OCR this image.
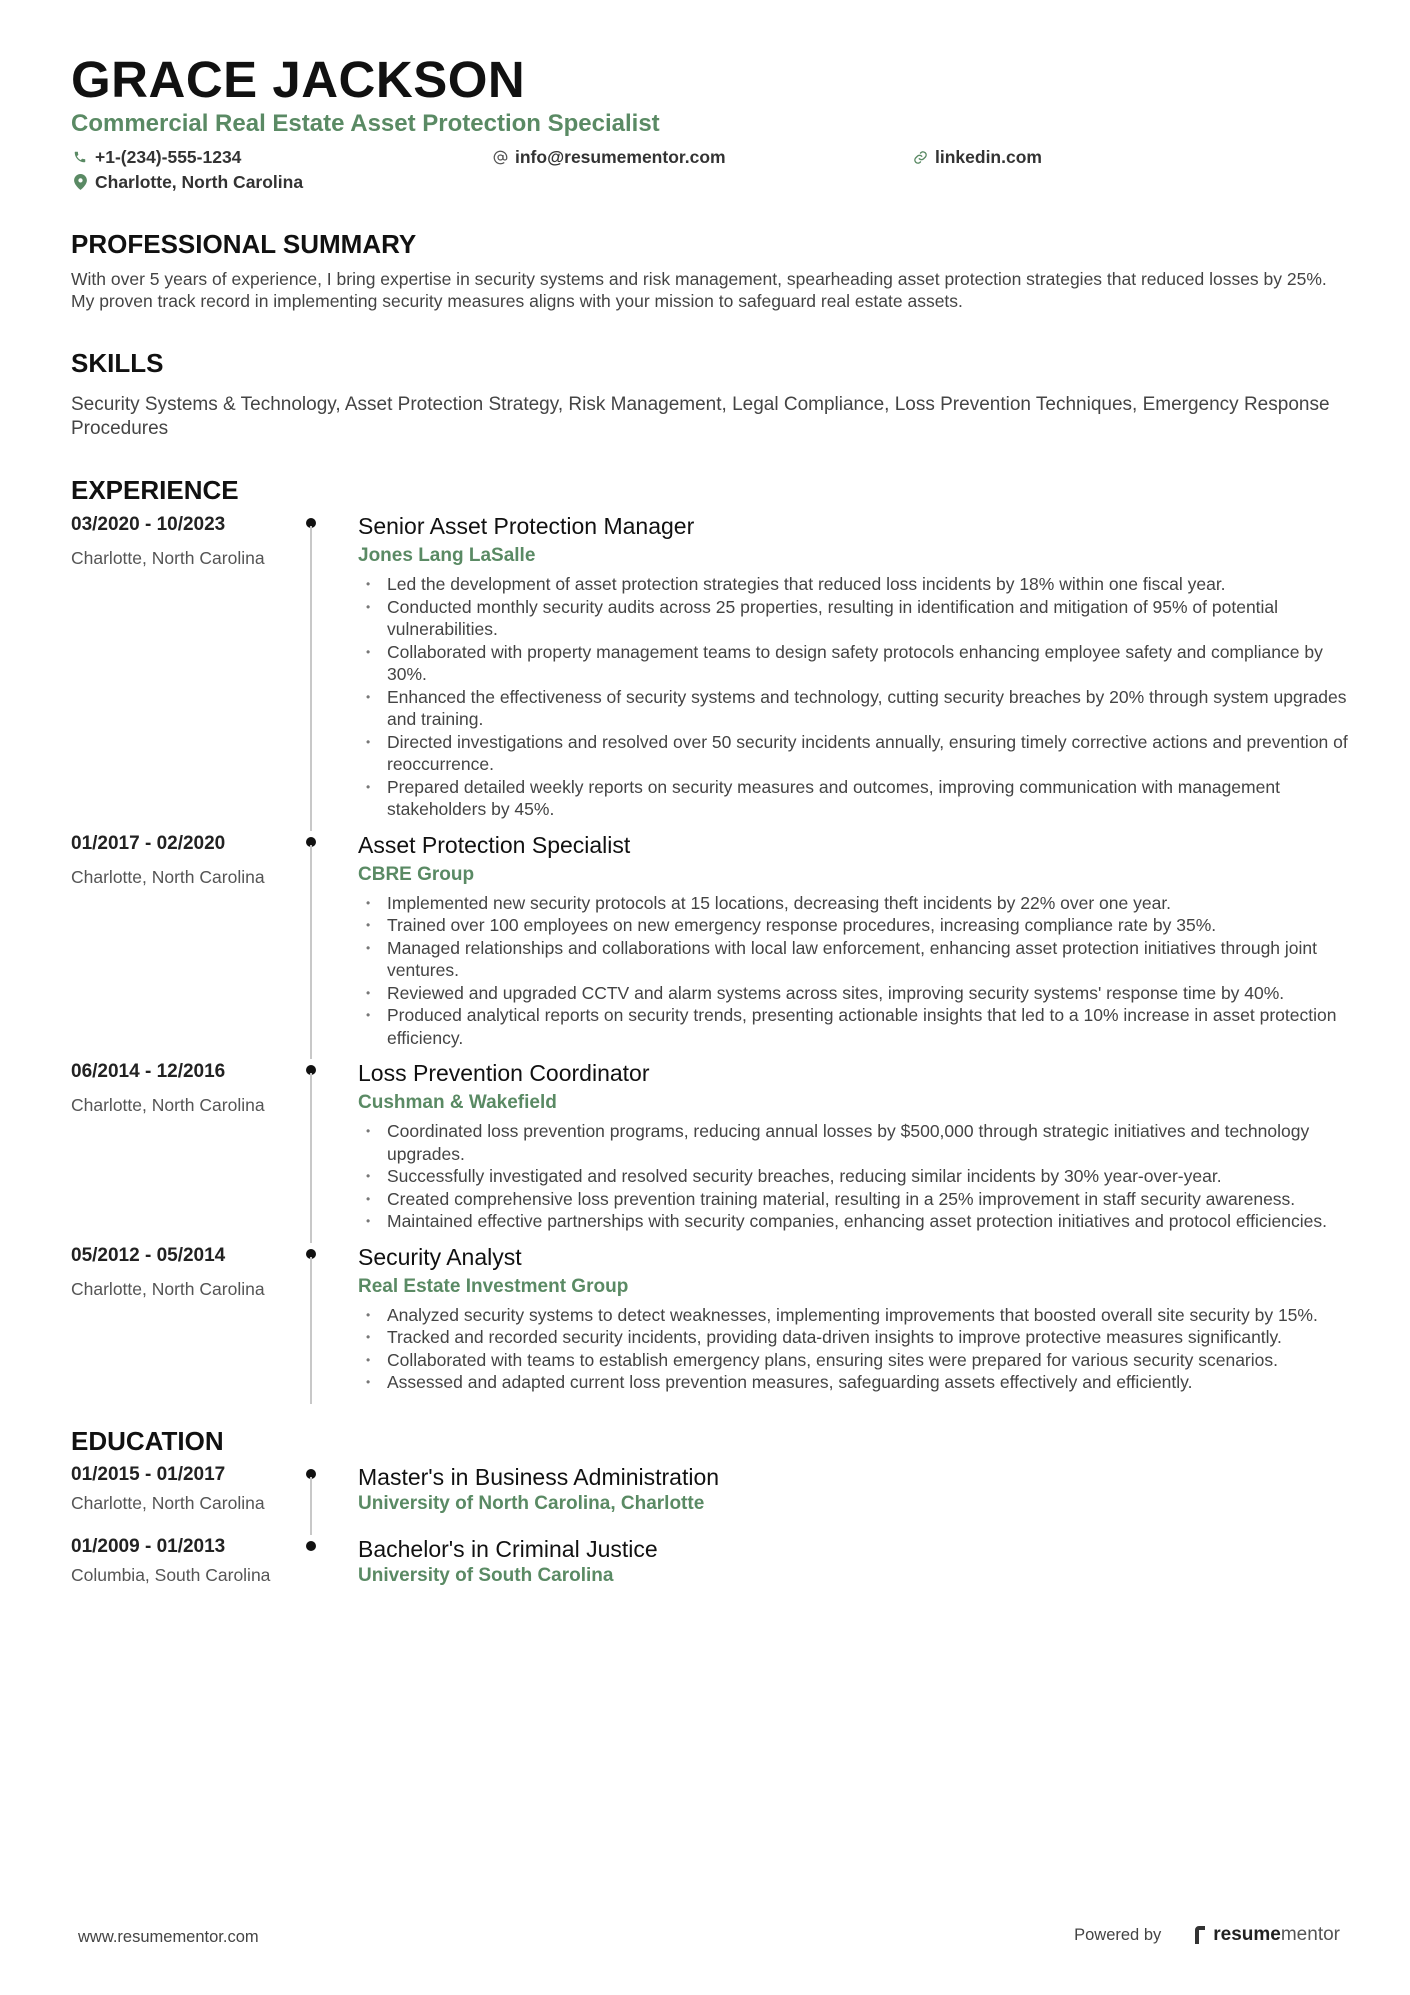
GRACE JACKSON
Commercial Real Estate Asset Protection Specialist
+1-(234)-555-1234	info@resumementor.com	linkedin.com
Charlotte, North Carolina
PROFESSIONAL SUMMARY

With over 5 years of experience, I bring expertise in security systems and risk management, spearheading asset protection strategies that reduced losses by 25%. My proven track record in implementing security measures aligns with your mission to safeguard real estate assets.

SKILLS

Security Systems & Technology, Asset Protection Strategy, Risk Management, Legal Compliance, Loss Prevention Techniques, Emergency Response Procedures

EXPERIENCE
03/2020 - 10/2023
Charlotte, North Carolina
Senior Asset Protection Manager
Jones Lang LaSalle
• Led the development of asset protection strategies that reduced loss incidents by 18% within one fiscal year.
• Conducted monthly security audits across 25 properties, resulting in identification and mitigation of 95% of potential vulnerabilities.
• Collaborated with property management teams to design safety protocols enhancing employee safety and compliance by 30%.
• Enhanced the effectiveness of security systems and technology, cutting security breaches by 20% through system upgrades and training.
• Directed investigations and resolved over 50 security incidents annually, ensuring timely corrective actions and prevention of reoccurrence.
• Prepared detailed weekly reports on security measures and outcomes, improving communication with management stakeholders by 45%.
01/2017 - 02/2020
Charlotte, North Carolina
Asset Protection Specialist
CBRE Group
• Implemented new security protocols at 15 locations, decreasing theft incidents by 22% over one year.
• Trained over 100 employees on new emergency response procedures, increasing compliance rate by 35%.
• Managed relationships and collaborations with local law enforcement, enhancing asset protection initiatives through joint ventures.
• Reviewed and upgraded CCTV and alarm systems across sites, improving security systems' response time by 40%.
• Produced analytical reports on security trends, presenting actionable insights that led to a 10% increase in asset protection efficiency.
06/2014 - 12/2016
Charlotte, North Carolina
Loss Prevention Coordinator
Cushman & Wakefield
• Coordinated loss prevention programs, reducing annual losses by $500,000 through strategic initiatives and technology upgrades.
• Successfully investigated and resolved security breaches, reducing similar incidents by 30% year-over-year.
• Created comprehensive loss prevention training material, resulting in a 25% improvement in staff security awareness.
• Maintained effective partnerships with security companies, enhancing asset protection initiatives and protocol efficiencies.
05/2012 - 05/2014
Charlotte, North Carolina
Security Analyst
Real Estate Investment Group
• Analyzed security systems to detect weaknesses, implementing improvements that boosted overall site security by 15%.
• Tracked and recorded security incidents, providing data-driven insights to improve protective measures significantly.
• Collaborated with teams to establish emergency plans, ensuring sites were prepared for various security scenarios.
• Assessed and adapted current loss prevention measures, safeguarding assets effectively and efficiently.
EDUCATION
01/2015 - 01/2017
Charlotte, North Carolina
Master's in Business Administration
University of North Carolina, Charlotte
01/2009 - 01/2013
Columbia, South Carolina
Bachelor's in Criminal Justice
University of South Carolina
www.resumementor.com	Powered by	resume mentor
